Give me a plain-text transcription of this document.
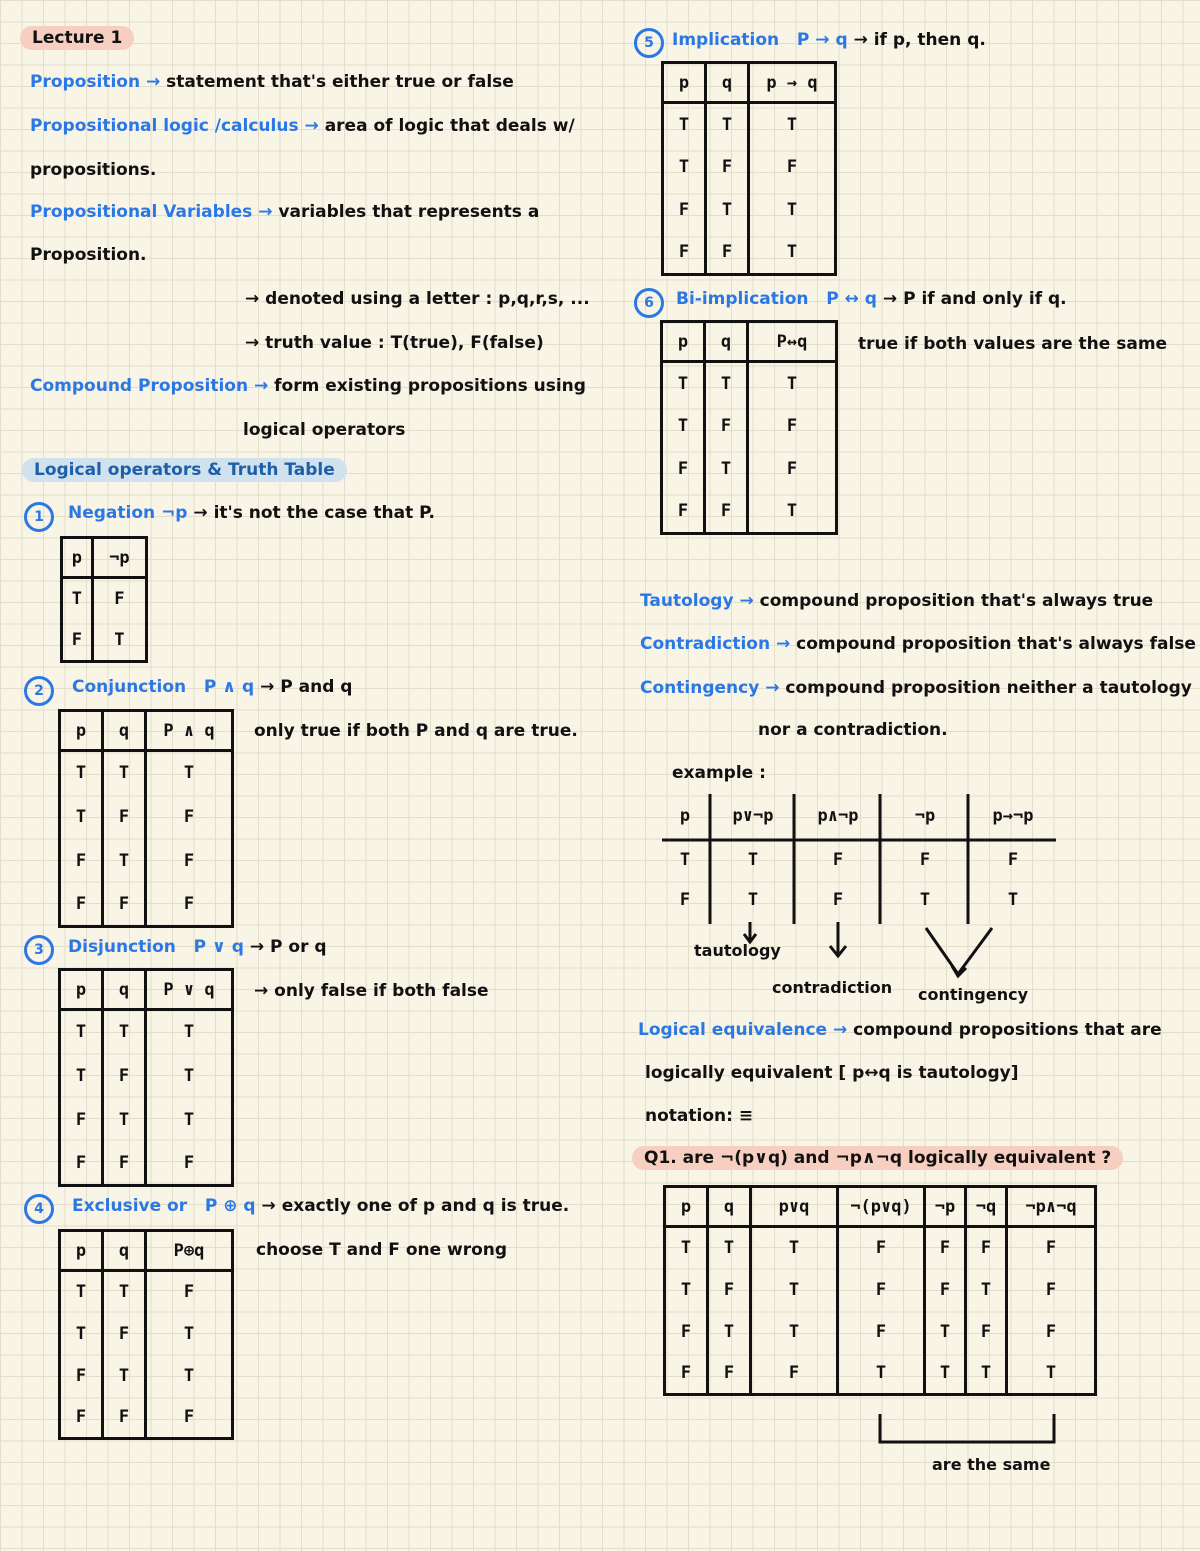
Lecture 1
Proposition → statement that's either true or false
Propositional logic /calculus → area of logic that deals w/
propositions.
Propositional Variables → variables that represents a
Proposition.
→ denoted using a letter : p,q,r,s, ...
→ truth value : T(true), F(false)
Compound Proposition → form existing propositions using
logical operators
Logical operators & Truth Table
1	Negation ¬p → it's not the case that P.
p	¬p
T	F
F	T
2	Conjunction P ∧ q → P and q
p	q	P ∧ q
T	T	T
T	F	F
F	T	F
F	F	F
only true if both P and q are true.
3	Disjunction P ∨ q → P or q
p	q	P ∨ q
T	T	T
T	F	T
F	T	T
F	F	F
→ only false if both false
4	Exclusive or P ⊕ q → exactly one of p and q is true.
p	q	P⊕q
T	T	F
T	F	T
F	T	T
F	F	F
choose T and F one wrong
5	Implication P → q → if p, then q.
p	q	p → q
T	T	T
T	F	F
F	T	T
F	F	T
6	Bi-implication P ↔ q → P if and only if q.
p	q	P↔q
T	T	T
T	F	F
F	T	F
F	F	T
true if both values are the same
Tautology → compound proposition that's always true
Contradiction → compound proposition that's always false
Contingency → compound proposition neither a tautology
nor a contradiction.
example :
p	p∨¬p	p∧¬p	¬p	p→¬p
T	T	F	F	F
F	T	F	T	T
tautology
contradiction contingency
Logical equivalence → compound propositions that are
logically equivalent [ p↔q is tautology]
notation: ≡
Q1. are ¬(p∨q) and ¬p∧¬q logically equivalent ?
p	q	p∨q	¬(p∨q)	¬p	¬q	¬p∧¬q
T	T	T	F	F	F	F
T	F	T	F	F	T	F
F	T	T	F	T	F	F
F	F	F	T	T	T	T
are the same
